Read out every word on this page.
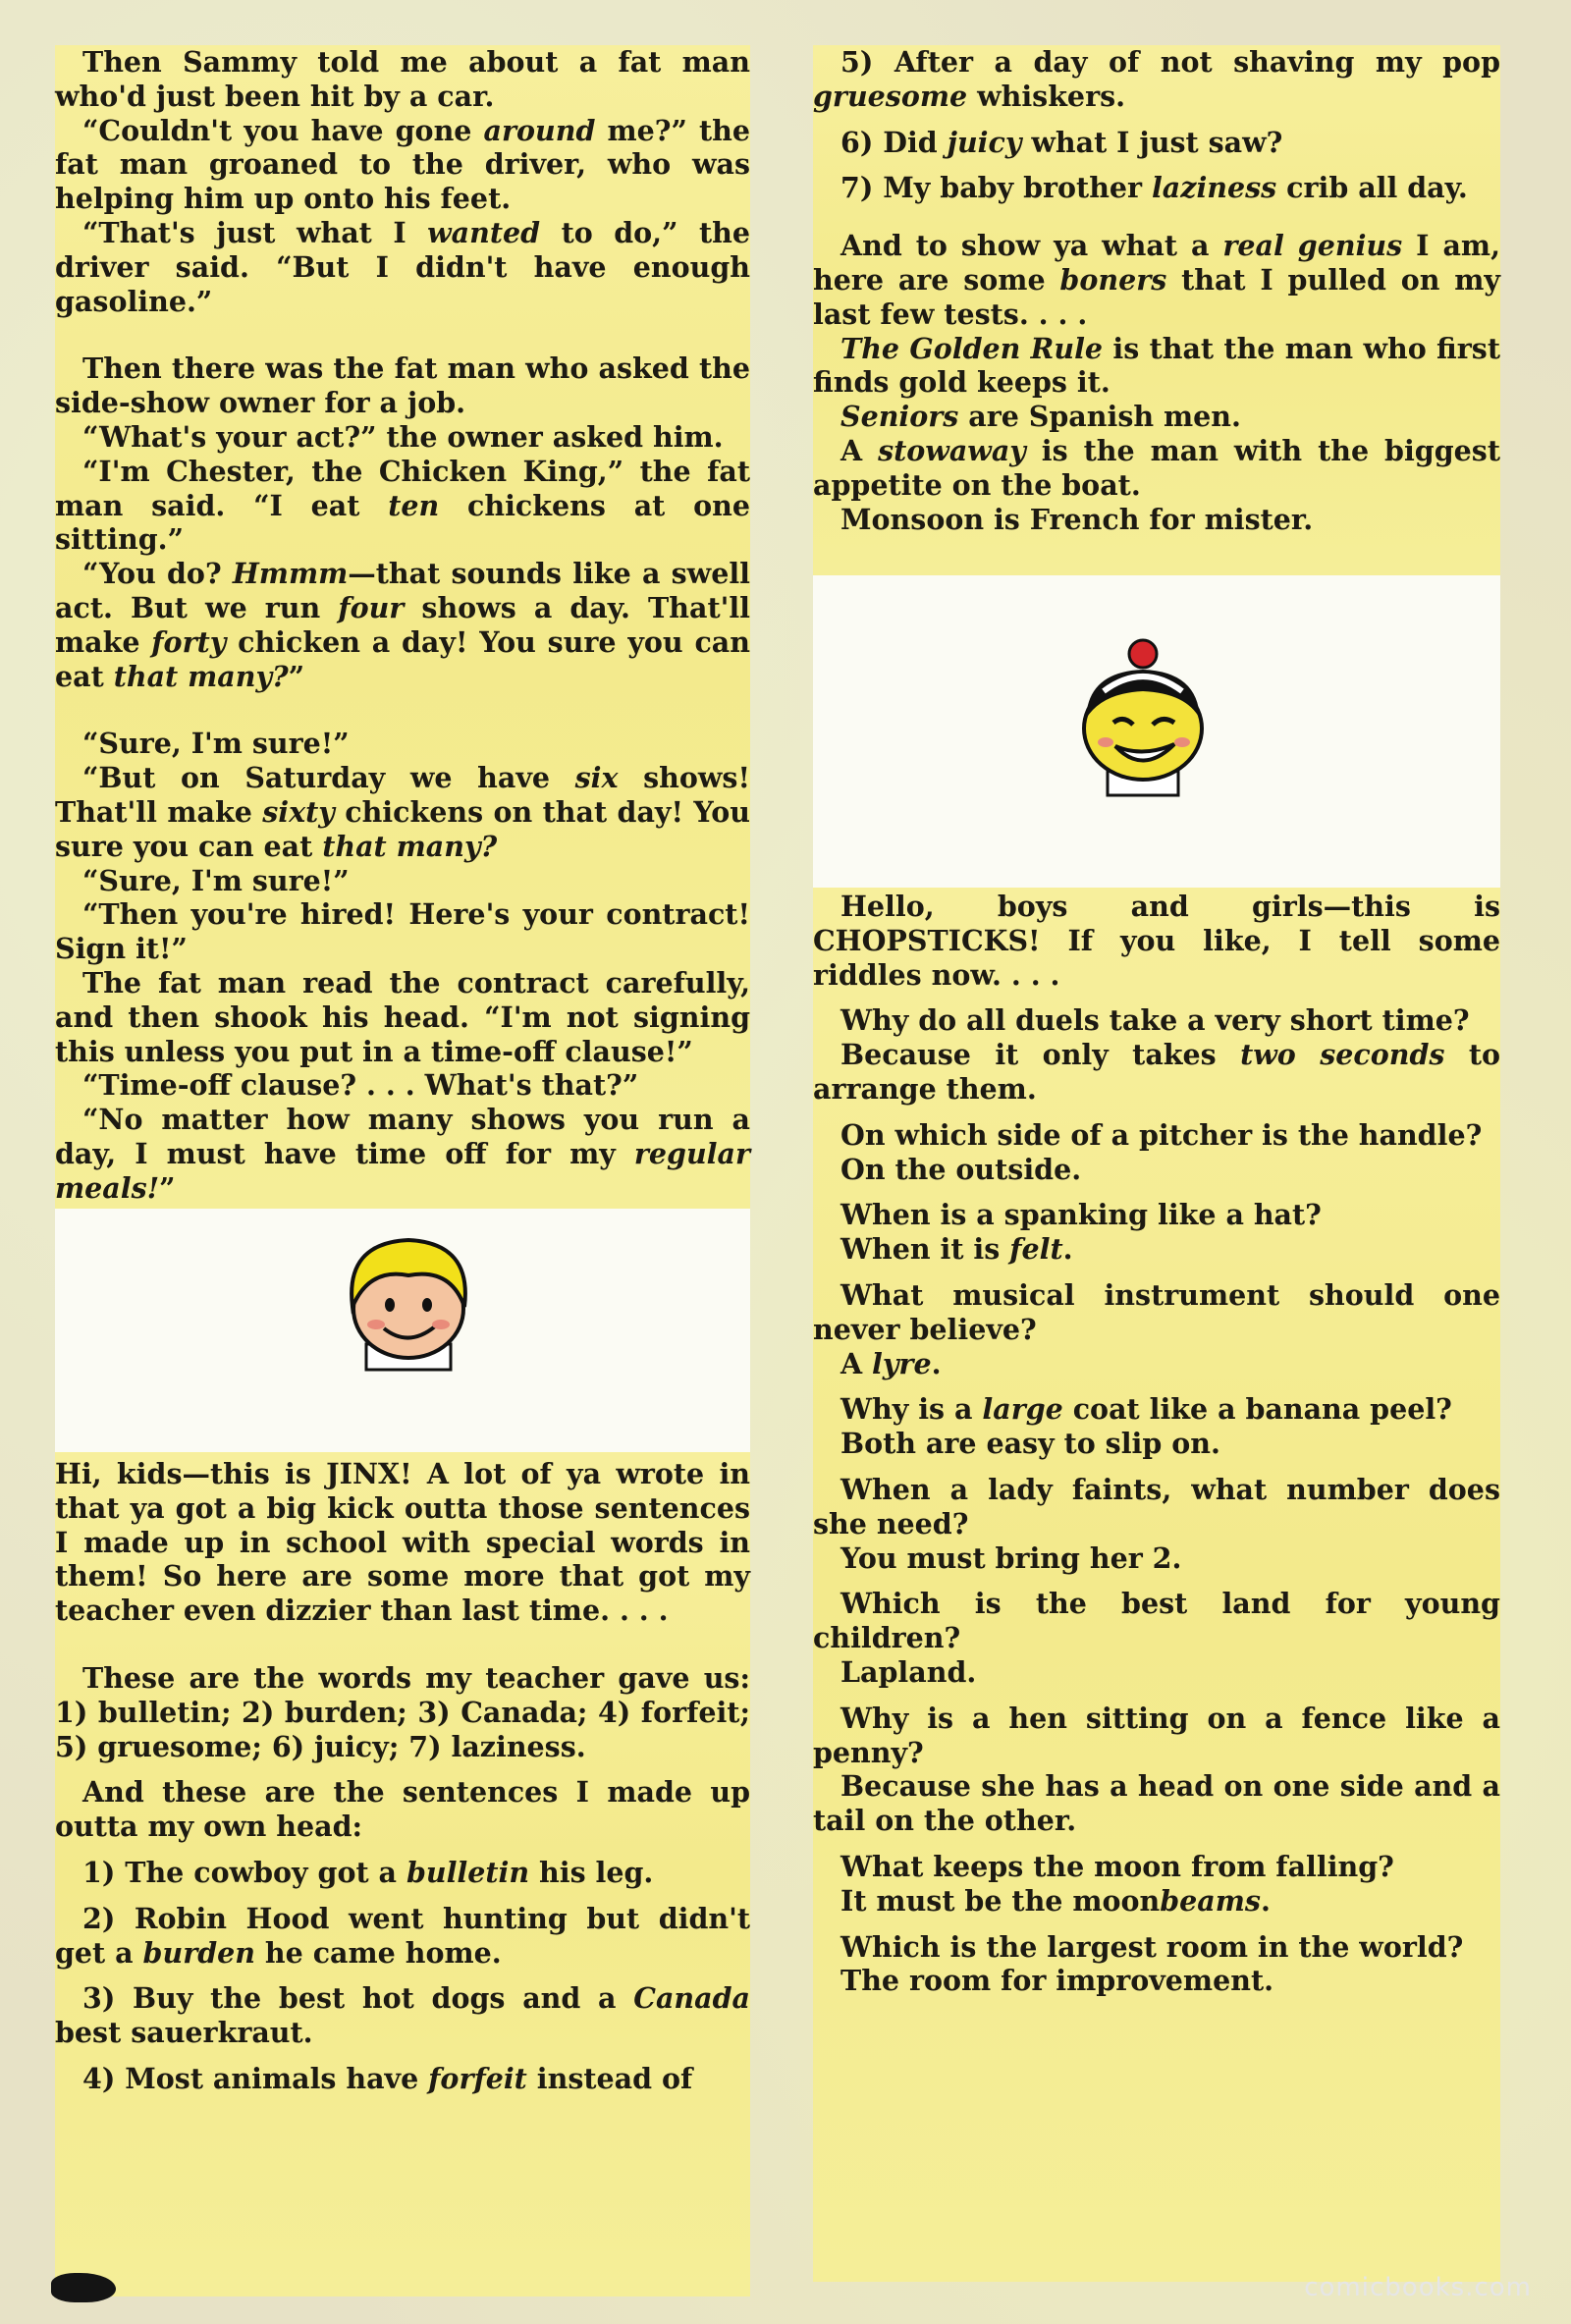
Then Sammy told me about a fat man who'd just been hit by a car.

“Couldn't you have gone around me?” the fat man groaned to the driver, who was helping him up onto his feet.

“That's just what I wanted to do,” the driver said. “But I didn't have enough gasoline.”

Then there was the fat man who asked the side-show owner for a job.

“What's your act?” the owner asked him.

“I'm Chester, the Chicken King,” the fat man said. “I eat ten chickens at one sitting.”

“You do? Hmmm—that sounds like a swell act. But we run four shows a day. That'll make forty chicken a day! You sure you can eat that many?”

“Sure, I'm sure!”

“But on Saturday we have six shows! That'll make sixty chickens on that day! You sure you can eat that many?

“Sure, I'm sure!”

“Then you're hired! Here's your contract! Sign it!”

The fat man read the contract carefully, and then shook his head. “I'm not signing this unless you put in a time-off clause!”

“Time-off clause? . . . What's that?”

“No matter how many shows you run a day, I must have time off for my regular meals!”

Hi, kids—this is JINX! A lot of ya wrote in that ya got a big kick outta those sentences I made up in school with special words in them! So here are some more that got my teacher even dizzier than last time. . . .

These are the words my teacher gave us: 1) bulletin; 2) burden; 3) Canada; 4) forfeit; 5) gruesome; 6) juicy; 7) laziness.

And these are the sentences I made up outta my own head:

1) The cowboy got a bulletin his leg.

2) Robin Hood went hunting but didn't get a burden he came home.

3) Buy the best hot dogs and a Canada best sauerkraut.

4) Most animals have forfeit instead of

5) After a day of not shaving my pop gruesome whiskers.

6) Did juicy what I just saw?

7) My baby brother laziness crib all day.

And to show ya what a real genius I am, here are some boners that I pulled on my last few tests. . . .

The Golden Rule is that the man who first finds gold keeps it.

Seniors are Spanish men.

A stowaway is the man with the biggest appetite on the boat.

Monsoon is French for mister.

Hello, boys and girls—this is CHOPSTICKS! If you like, I tell some riddles now. . . .

Why do all duels take a very short time?

Because it only takes two seconds to arrange them.

On which side of a pitcher is the handle?

On the outside.

When is a spanking like a hat?

When it is felt.

What musical instrument should one never believe?

A lyre.

Why is a large coat like a banana peel?

Both are easy to slip on.

When a lady faints, what number does she need?

You must bring her 2.

Which is the best land for young children?

Lapland.

Why is a hen sitting on a fence like a penny?

Because she has a head on one side and a tail on the other.

What keeps the moon from falling?

It must be the moonbeams.

Which is the largest room in the world?

The room for improvement.

comicbooks.com
